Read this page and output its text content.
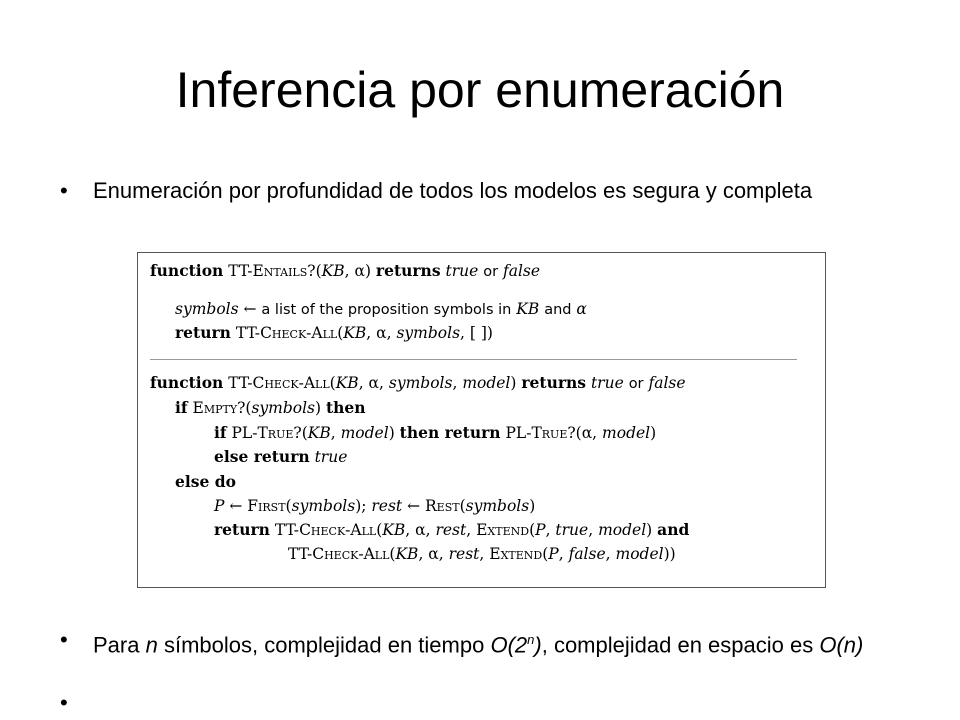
Inferencia por enumeración
•	Enumeración por profundidad de todos los modelos es segura y completa
function TT-Entails?(KB, α) returns true or false
symbols ← a list of the proposition symbols in KB and α
return TT-Check-All(KB, α, symbols, [ ])
function TT-Check-All(KB, α, symbols, model) returns true or false
if Empty?(symbols) then
if PL-True?(KB, model) then return PL-True?(α, model)
else return true
else do
P ← First(symbols); rest ← Rest(symbols)
return TT-Check-All(KB, α, rest, Extend(P, true, model) and
TT-Check-All(KB, α, rest, Extend(P, false, model))
•	Para n símbolos, complejidad en tiempo O(2$^n$), complejidad en espacio es O(n)
•
